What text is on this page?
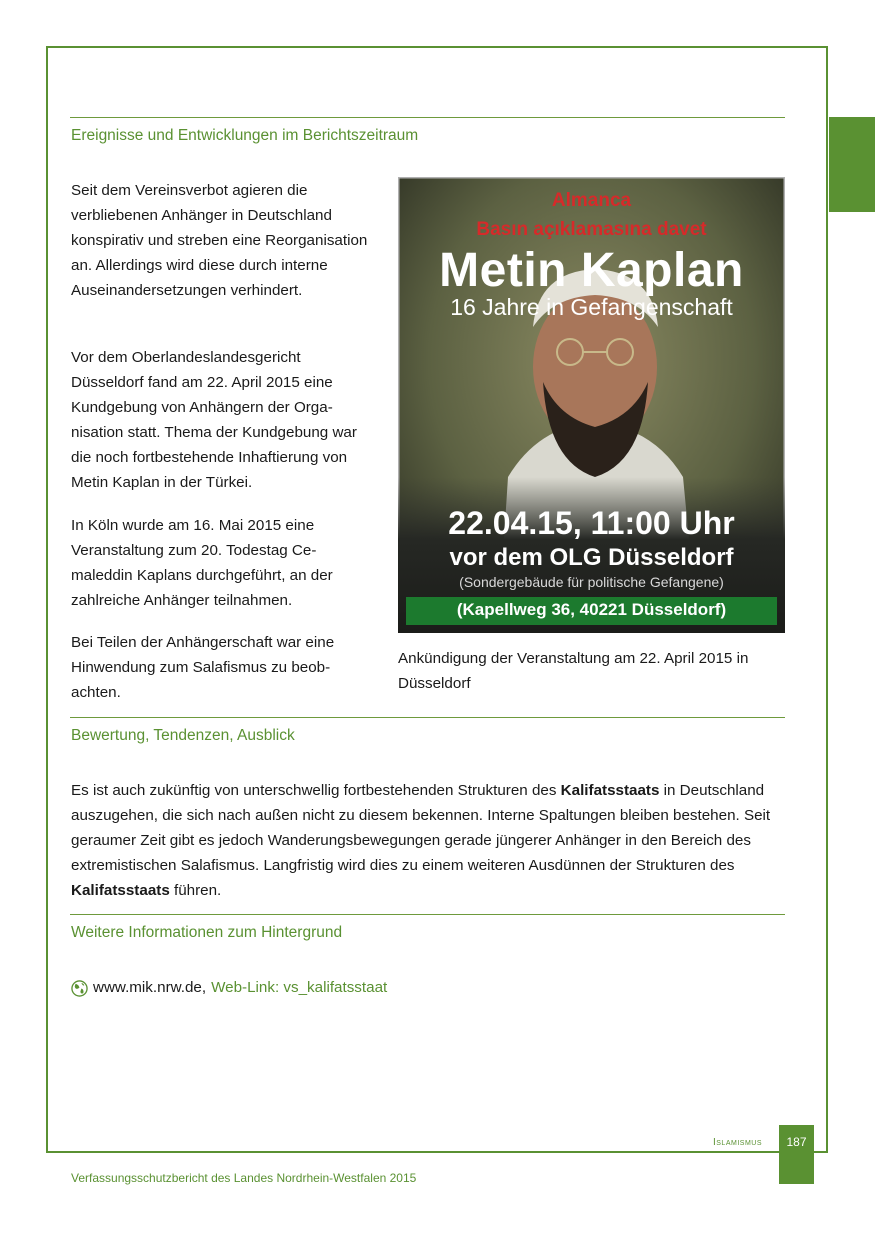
Ereignisse und Entwicklungen im Berichtszeitraum

Seit dem Vereinsverbot agieren die verbliebenen Anhänger in Deutschland konspirativ und streben eine Reorganisation an. Allerdings wird diese durch interne Auseinandersetzungen verhindert.

Vor dem Oberlandeslandesgericht Düsseldorf fand am 22. April 2015 eine Kundgebung von Anhängern der Organisation statt. Thema der Kundgebung war die noch fortbestehende Inhaftierung von Metin Kaplan in der Türkei.

In Köln wurde am 16. Mai 2015 eine Veranstaltung zum 20. Todestag Cemaleddin Kaplans durchgeführt, an der zahlreiche Anhänger teilnahmen.

Bei Teilen der Anhängerschaft war eine Hinwendung zum Salafismus zu beobachten.

Almanca
Basın açıklamasına davet
Metin Kaplan
16 Jahre in Gefangenschaft
22.04.15, 11:00 Uhr
vor dem OLG Düsseldorf
(Sondergebäude für politische Gefangene)
(Kapellweg 36, 40221 Düsseldorf)

Ankündigung der Veranstaltung am 22. April 2015 in Düsseldorf

Bewertung, Tendenzen, Ausblick

Es ist auch zukünftig von unterschwellig fortbestehenden Strukturen des Kalifatsstaats in Deutschland auszugehen, die sich nach außen nicht zu diesem bekennen. Interne Spaltungen bleiben bestehen. Seit geraumer Zeit gibt es jedoch Wanderungsbewegungen gerade jüngerer Anhänger in den Bereich des extremistischen Salafismus. Langfristig wird dies zu einem weiteren Ausdünnen der Strukturen des Kalifatsstaats führen.

Weitere Informationen zum Hintergrund
www.mik.nrw.de, Web-Link: vs_kalifatsstaat
Islamismus	187
Verfassungsschutzbericht des Landes Nordrhein-Westfalen 2015
